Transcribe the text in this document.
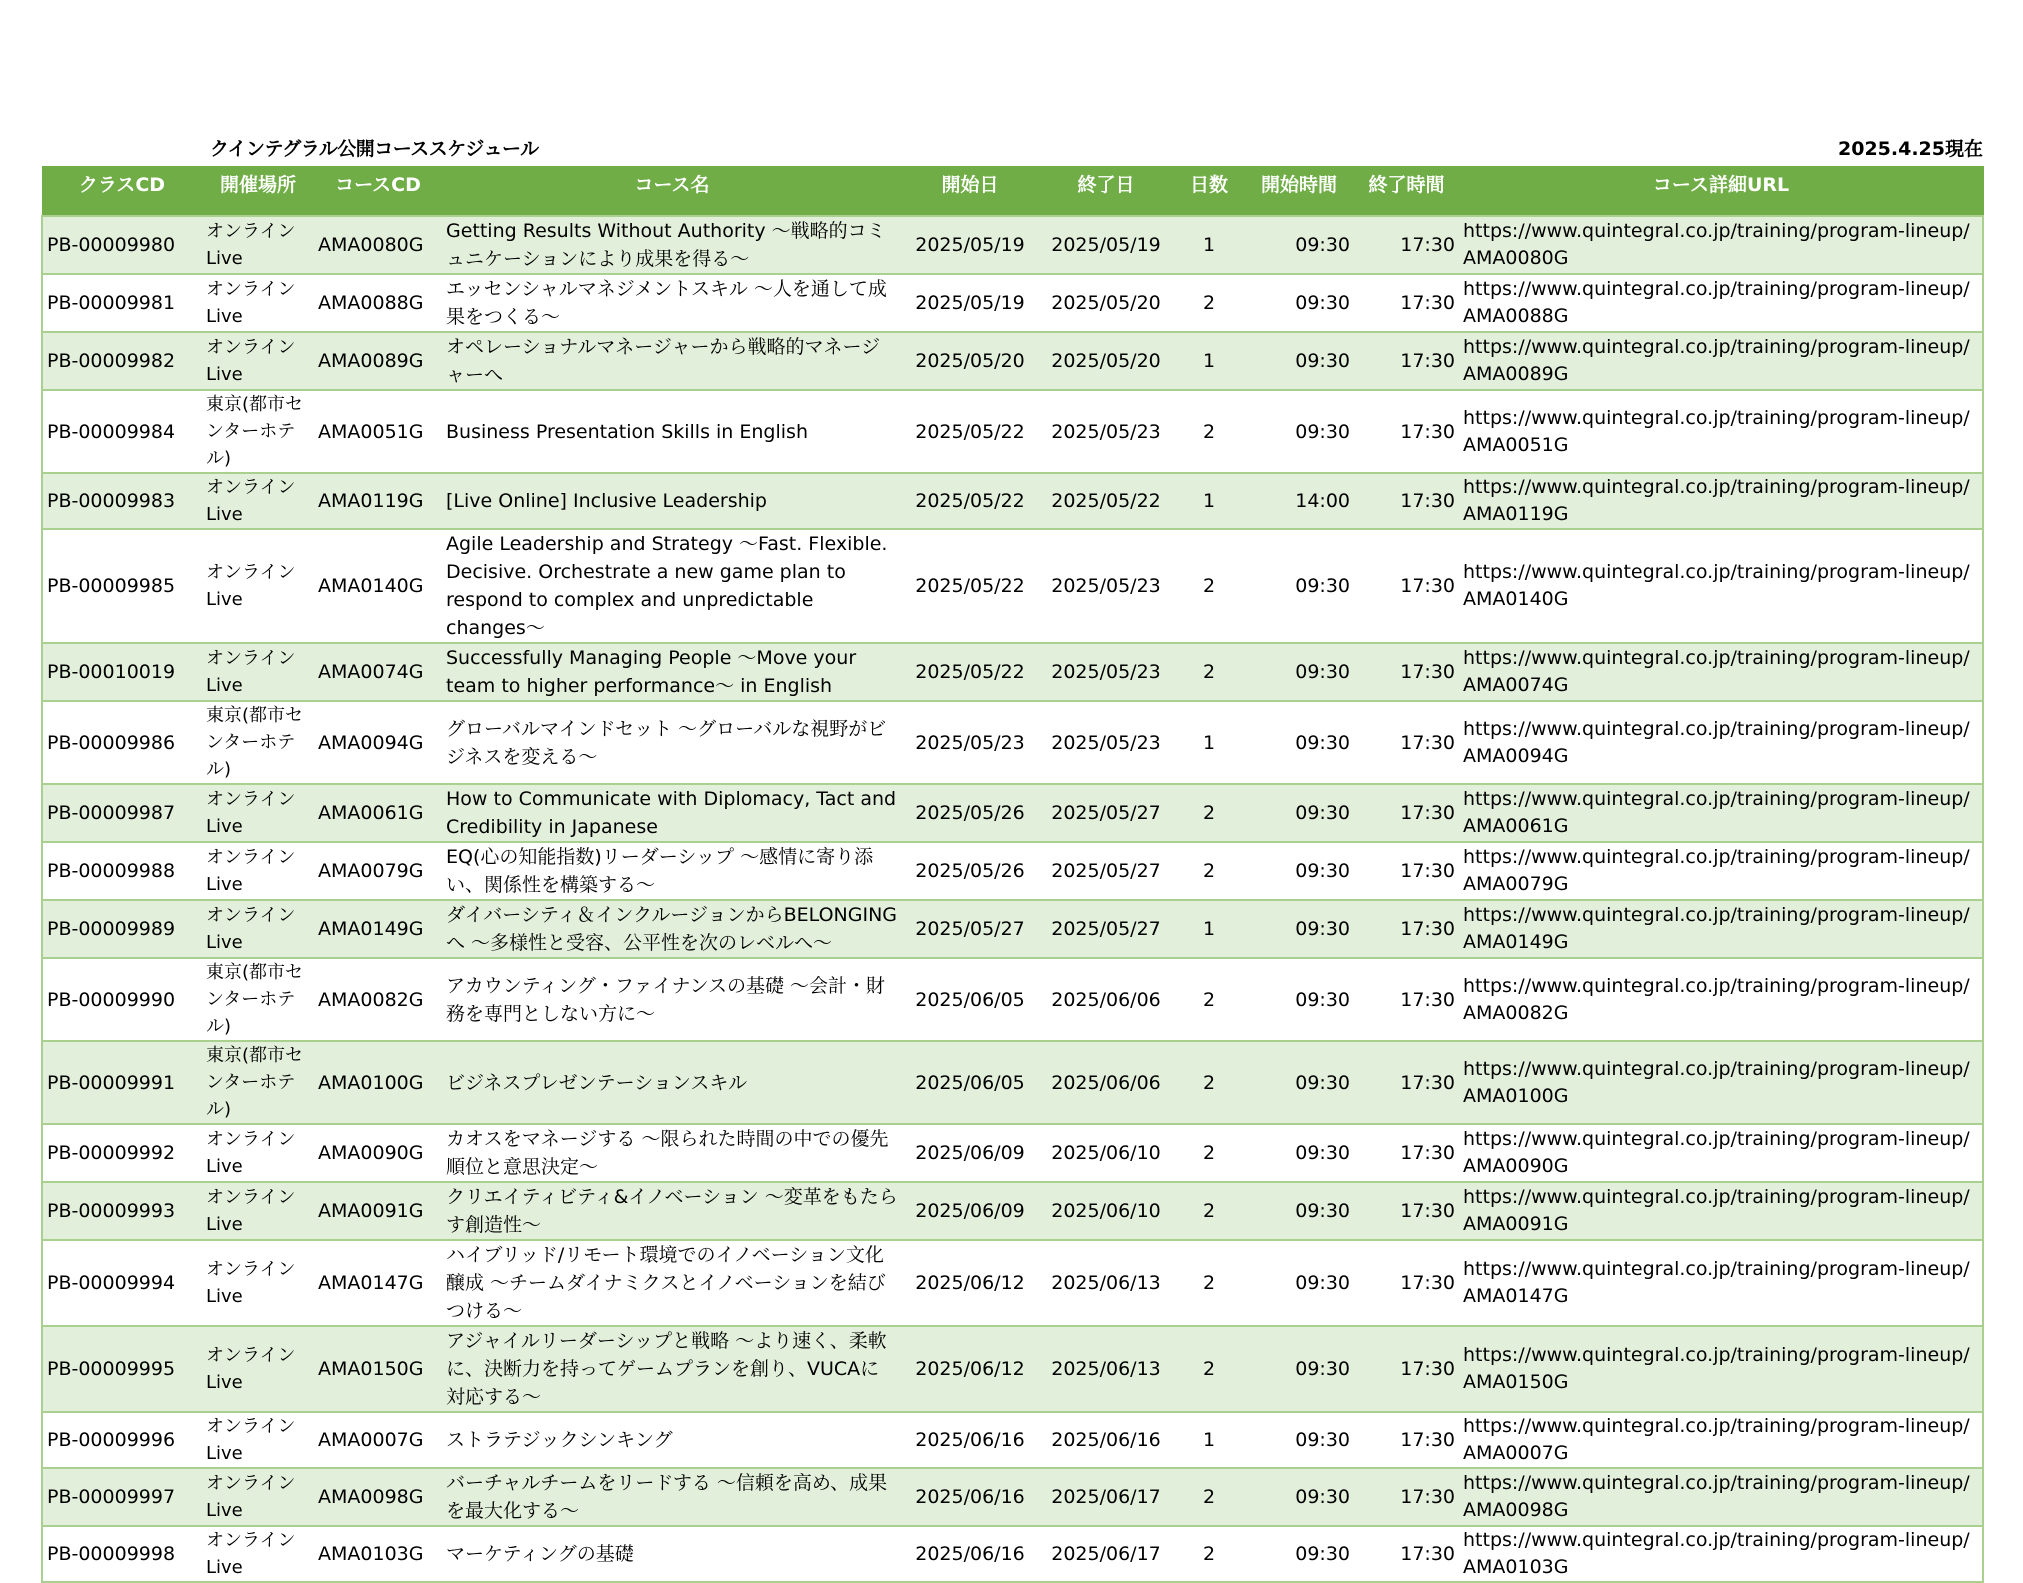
クインテグラル公開コーススケジュール	2025.4.25現在
クラスCD	開催場所	コースCD	コース名	開始日	終了日	日数	開始時間	終了時間	コース詳細URL
PB-00009980	オンライン Live	AMA0080G	Getting Results Without Authority ～戦略的コミュニケーションにより成果を得る～	2025/05/19	2025/05/19	1	09:30	17:30	https://www.quintegral.co.jp/training/program-lineup/AMA0080G
PB-00009981	オンライン Live	AMA0088G	エッセンシャルマネジメントスキル ～人を通して成果をつくる～	2025/05/19	2025/05/20	2	09:30	17:30	https://www.quintegral.co.jp/training/program-lineup/AMA0088G
PB-00009982	オンライン Live	AMA0089G	オペレーショナルマネージャーから戦略的マネージャーへ	2025/05/20	2025/05/20	1	09:30	17:30	https://www.quintegral.co.jp/training/program-lineup/AMA0089G
PB-00009984	東京(都市センターホテル)	AMA0051G	Business Presentation Skills in English	2025/05/22	2025/05/23	2	09:30	17:30	https://www.quintegral.co.jp/training/program-lineup/AMA0051G
PB-00009983	オンライン Live	AMA0119G	[Live Online] Inclusive Leadership	2025/05/22	2025/05/22	1	14:00	17:30	https://www.quintegral.co.jp/training/program-lineup/AMA0119G
PB-00009985	オンライン Live	AMA0140G	Agile Leadership and Strategy ～Fast. Flexible. Decisive. Orchestrate a new game plan to respond to complex and unpredictable changes～	2025/05/22	2025/05/23	2	09:30	17:30	https://www.quintegral.co.jp/training/program-lineup/AMA0140G
PB-00010019	オンライン Live	AMA0074G	Successfully Managing People ～Move your team to higher performance～ in English	2025/05/22	2025/05/23	2	09:30	17:30	https://www.quintegral.co.jp/training/program-lineup/AMA0074G
PB-00009986	東京(都市センターホテル)	AMA0094G	グローバルマインドセット ～グローバルな視野がビジネスを変える～	2025/05/23	2025/05/23	1	09:30	17:30	https://www.quintegral.co.jp/training/program-lineup/AMA0094G
PB-00009987	オンライン Live	AMA0061G	How to Communicate with Diplomacy, Tact and Credibility in Japanese	2025/05/26	2025/05/27	2	09:30	17:30	https://www.quintegral.co.jp/training/program-lineup/AMA0061G
PB-00009988	オンライン Live	AMA0079G	EQ(心の知能指数)リーダーシップ ～感情に寄り添い、関係性を構築する～	2025/05/26	2025/05/27	2	09:30	17:30	https://www.quintegral.co.jp/training/program-lineup/AMA0079G
PB-00009989	オンライン Live	AMA0149G	ダイバーシティ＆インクルージョンからBELONGINGへ ～多様性と受容、公平性を次のレベルへ～	2025/05/27	2025/05/27	1	09:30	17:30	https://www.quintegral.co.jp/training/program-lineup/AMA0149G
PB-00009990	東京(都市センターホテル)	AMA0082G	アカウンティング・ファイナンスの基礎 ～会計・財務を専門としない方に～	2025/06/05	2025/06/06	2	09:30	17:30	https://www.quintegral.co.jp/training/program-lineup/AMA0082G
PB-00009991	東京(都市センターホテル)	AMA0100G	ビジネスプレゼンテーションスキル	2025/06/05	2025/06/06	2	09:30	17:30	https://www.quintegral.co.jp/training/program-lineup/AMA0100G
PB-00009992	オンライン Live	AMA0090G	カオスをマネージする ～限られた時間の中での優先順位と意思決定～	2025/06/09	2025/06/10	2	09:30	17:30	https://www.quintegral.co.jp/training/program-lineup/AMA0090G
PB-00009993	オンライン Live	AMA0091G	クリエイティビティ&イノベーション ～変革をもたらす創造性～	2025/06/09	2025/06/10	2	09:30	17:30	https://www.quintegral.co.jp/training/program-lineup/AMA0091G
PB-00009994	オンライン Live	AMA0147G	ハイブリッド/リモート環境でのイノベーション文化醸成 ～チームダイナミクスとイノベーションを結びつける～	2025/06/12	2025/06/13	2	09:30	17:30	https://www.quintegral.co.jp/training/program-lineup/AMA0147G
PB-00009995	オンライン Live	AMA0150G	アジャイルリーダーシップと戦略 ～より速く、柔軟に、決断力を持ってゲームプランを創り、VUCAに対応する～	2025/06/12	2025/06/13	2	09:30	17:30	https://www.quintegral.co.jp/training/program-lineup/AMA0150G
PB-00009996	オンライン Live	AMA0007G	ストラテジックシンキング	2025/06/16	2025/06/16	1	09:30	17:30	https://www.quintegral.co.jp/training/program-lineup/AMA0007G
PB-00009997	オンライン Live	AMA0098G	バーチャルチームをリードする ～信頼を高め、成果を最大化する～	2025/06/16	2025/06/17	2	09:30	17:30	https://www.quintegral.co.jp/training/program-lineup/AMA0098G
PB-00009998	オンライン Live	AMA0103G	マーケティングの基礎	2025/06/16	2025/06/17	2	09:30	17:30	https://www.quintegral.co.jp/training/program-lineup/AMA0103G
